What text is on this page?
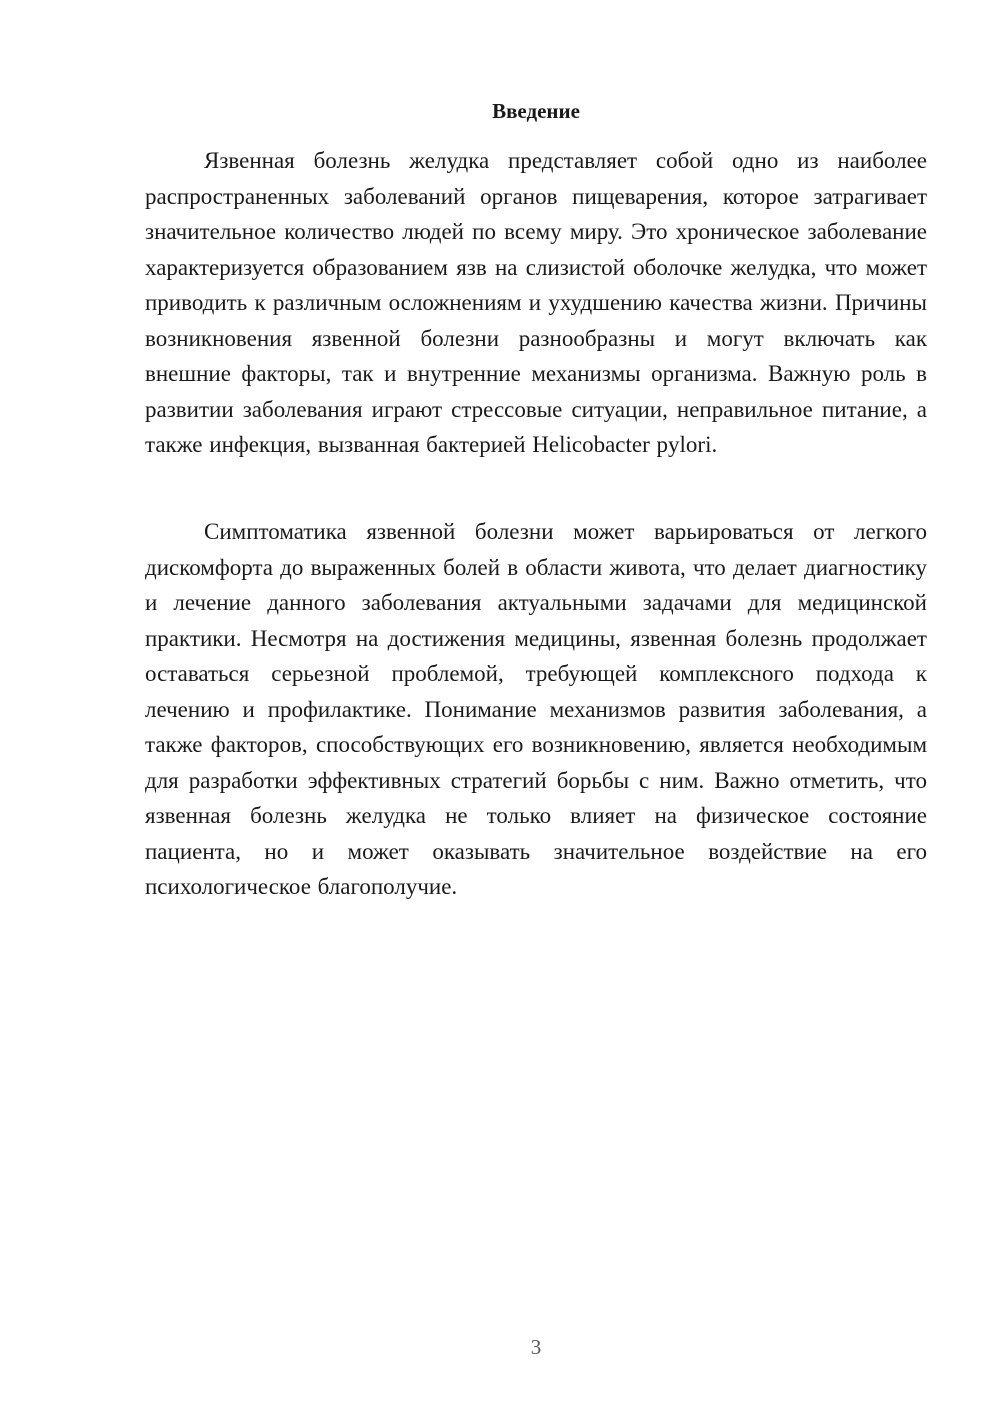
Введение

Язвенная болезнь желудка представляет собой одно из наиболее распространенных заболеваний органов пищеварения, которое затрагивает значительное количество людей по всему миру. Это хроническое заболевание характеризуется образованием язв на слизистой оболочке желудка, что может приводить к различным осложнениям и ухудшению качества жизни. Причины возникновения язвенной болезни разнообразны и могут включать как внешние факторы, так и внутренние механизмы организма. Важную роль в развитии заболевания играют стрессовые ситуации, неправильное питание, а также инфекция, вызванная бактерией Helicobacter pylori.

Симптоматика язвенной болезни может варьироваться от легкого дискомфорта до выраженных болей в области живота, что делает диагностику и лечение данного заболевания актуальными задачами для медицинской практики. Несмотря на достижения медицины, язвенная болезнь продолжает оставаться серьезной проблемой, требующей комплексного подхода к лечению и профилактике. Понимание механизмов развития заболевания, а также факторов, способствующих его возникновению, является необходимым для разработки эффективных стратегий борьбы с ним. Важно отметить, что язвенная болезнь желудка не только влияет на физическое состояние пациента, но и может оказывать значительное воздействие на его психологическое благополучие.

3
